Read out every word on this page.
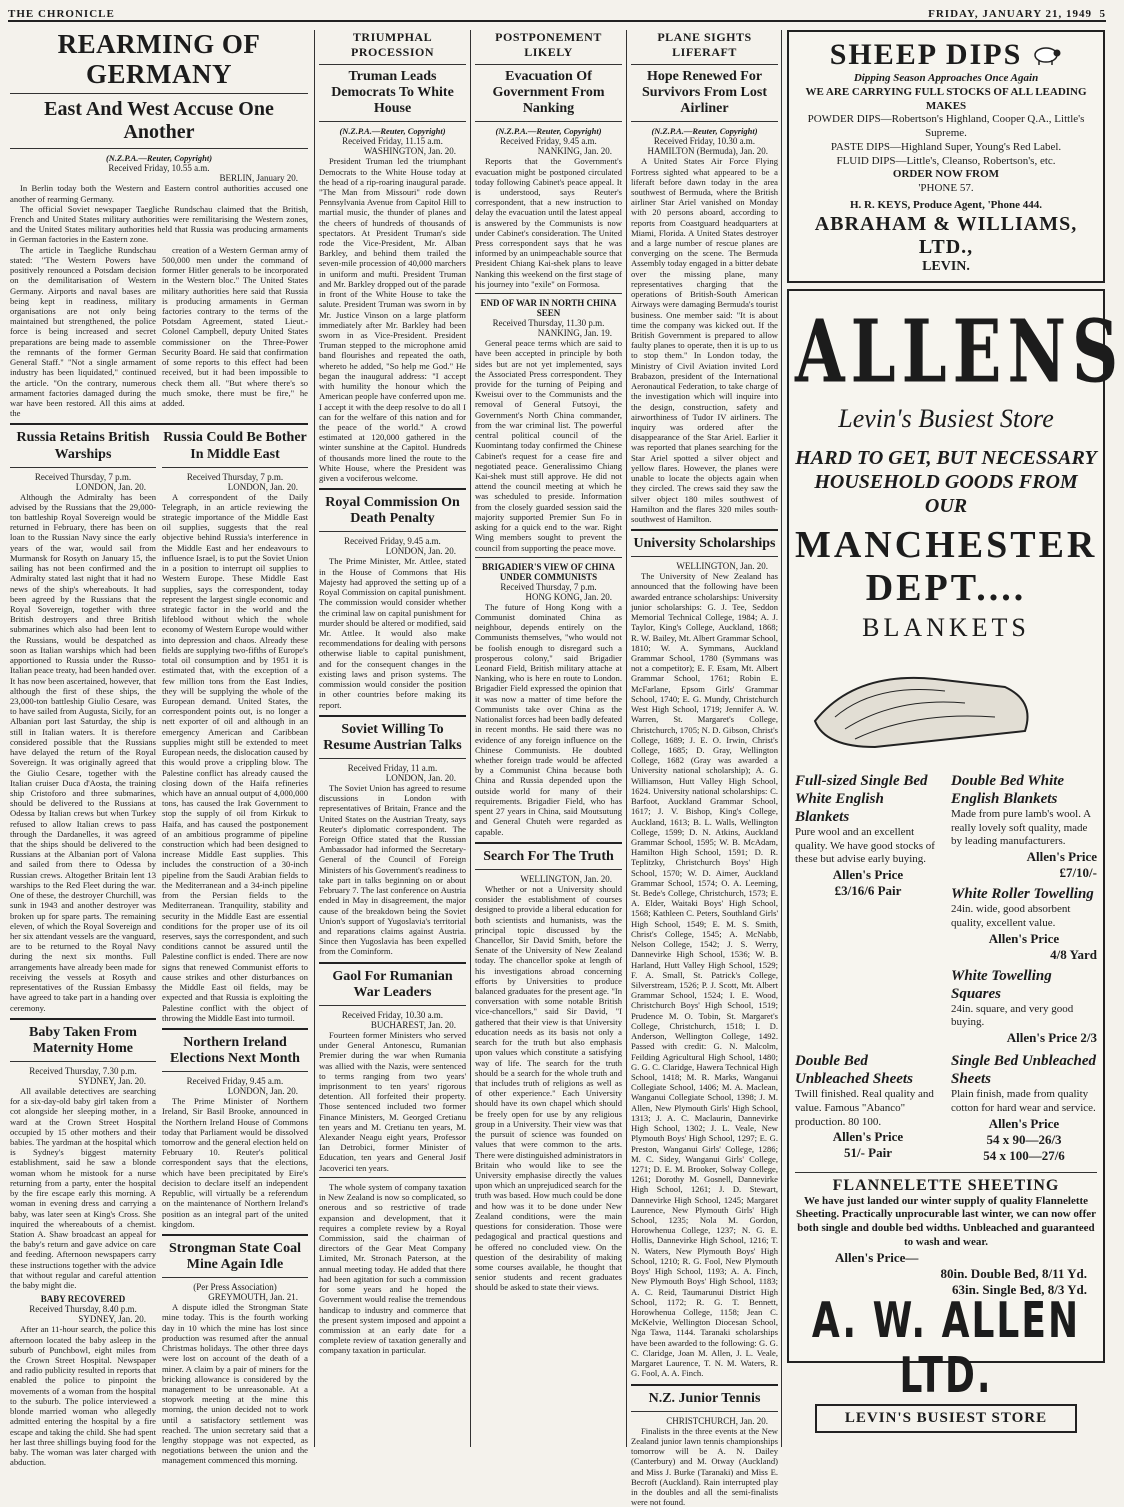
THE CHRONICLE	FRIDAY, JANUARY 21, 1949 5
REARMING OF GERMANY
East And West Accuse One Another
(N.Z.P.A.—Reuter, Copyright)
Received Friday, 10.55 a.m.
BERLIN, January 20.

In Berlin today both the Western and Eastern control authorities accused one another of rearming Germany.

The official Soviet newspaper Taegliche Rundschau claimed that the British, French and United States military authorities were remilitarising the Western zones, and the United States military authorities held that Russia was producing armaments in German factories in the Eastern zone.

The article in Taegliche Rundschau stated: "The Western Powers have positively renounced a Potsdam decision on the demilitarisation of Western Germany. Airports and naval bases are being kept in readiness, military organisations are not only being maintained but strengthened, the police force is being increased and secret preparations are being made to assemble the remnants of the former German General Staff." "Not a single armament industry has been liquidated," continued the article. "On the contrary, numerous armament factories damaged during the war have been restored. All this aims at the

creation of a Western German army of 500,000 men under the command of former Hitler generals to be incorporated in the Western bloc." The United States military authorities here said that Russia is producing armaments in German factories contrary to the terms of the Potsdam Agreement, stated Lieut.-Colonel Campbell, deputy United States commissioner on the Three-Power Security Board. He said that confirmation of some reports to this effect had been received, but it had been impossible to check them all. "But where there's so much smoke, there must be fire," he added.

Russia Retains British Warships
Received Thursday, 7 p.m.
LONDON, Jan. 20.

Although the Admiralty has been advised by the Russians that the 29,000-ton battleship Royal Sovereign would be returned in February, there has been on loan to the Russian Navy since the early years of the war, would sail from Murmansk for Rosyth on January 15, the sailing has not been confirmed and the Admiralty stated last night that it had no news of the ship's whereabouts. It had been agreed by the Russians that the Royal Sovereign, together with three British destroyers and three British submarines which also had been lent to the Russians, would be despatched as soon as Italian warships which had been apportioned to Russia under the Russo-Italian peace treaty, had been handed over. It has now been ascertained, however, that although the first of these ships, the 23,000-ton battleship Giulio Cesare, was to have sailed from Augusta, Sicily, for an Albanian port last Saturday, the ship is still in Italian waters. It is therefore considered possible that the Russians have delayed the return of the Royal Sovereign. It was originally agreed that the Giulio Cesare, together with the Italian cruiser Duca d'Aosta, the training ship Cristoforo and three submarines, should be delivered to the Russians at Odessa by Italian crews but when Turkey refused to allow Italian crews to pass through the Dardanelles, it was agreed that the ships should be delivered to the Russians at the Albanian port of Valona and sailed from there to Odessa by Russian crews. Altogether Britain lent 13 warships to the Red Fleet during the war. One of these, the destroyer Churchill, was sunk in 1943 and another destroyer was broken up for spare parts. The remaining eleven, of which the Royal Sovereign and her six attendant vessels are the vanguard, are to be returned to the Royal Navy during the next six months. Full arrangements have already been made for receiving the vessels at Rosyth and representatives of the Russian Embassy have agreed to take part in a handing over ceremony.

Baby Taken From Maternity Home
Received Thursday, 7.30 p.m.
SYDNEY, Jan. 20.

All available detectives are searching for a six-day-old baby girl taken from a cot alongside her sleeping mother, in a ward at the Crown Street Hospital occupied by 15 other mothers and their babies. The yardman at the hospital which is Sydney's biggest maternity establishment, said he saw a blonde woman whom he mistook for a nurse returning from a party, enter the hospital by the fire escape early this morning. A woman in evening dress and carrying a baby, was later seen at King's Cross. She inquired the whereabouts of a chemist. Station A. Shaw broadcast an appeal for the baby's return and gave advice on care and feeding. Afternoon newspapers carry these instructions together with the advice that without regular and careful attention the baby might die.

BABY RECOVERED
Received Thursday, 8.40 p.m.
SYDNEY, Jan. 20.

After an 11-hour search, the police this afternoon located the baby asleep in the suburb of Punchbowl, eight miles from the Crown Street Hospital. Newspaper and radio publicity resulted in reports that enabled the police to pinpoint the movements of a woman from the hospital to the suburb. The police interviewed a blonde married woman who allegedly admitted entering the hospital by a fire escape and taking the child. She had spent her last three shillings buying food for the baby. The woman was later charged with abduction.

Russia Could Be Bother In Middle East
Received Thursday, 7 p.m.
LONDON, Jan. 20.

A correspondent of the Daily Telegraph, in an article reviewing the strategic importance of the Middle East oil supplies, suggests that the real objective behind Russia's interference in the Middle East and her endeavours to influence Israel, is to put the Soviet Union in a position to interrupt oil supplies to Western Europe. These Middle East supplies, says the correspondent, today represent the largest single economic and strategic factor in the world and the lifeblood without which the whole economy of Western Europe would wither into depression and chaos. Already these fields are supplying two-fifths of Europe's total oil consumption and by 1951 it is estimated that, with the exception of a few million tons from the East Indies, they will be supplying the whole of the European demand. United States, the correspondent points out, is no longer a nett exporter of oil and although in an emergency American and Caribbean supplies might still be extended to meet European needs, the dislocation caused by this would prove a crippling blow. The Palestine conflict has already caused the closing down of the Haifa refineries which have an annual output of 4,000,000 tons, has caused the Irak Government to stop the supply of oil from Kirkuk to Haifa, and has caused the postponement of an ambitious programme of pipeline construction which had been designed to increase Middle East supplies. This includes the construction of a 30-inch pipeline from the Saudi Arabian fields to the Mediterranean and a 34-inch pipeline from the Persian fields to the Mediterranean. Tranquility, stability and security in the Middle East are essential conditions for the proper use of its oil reserves, says the correspondent, and such conditions cannot be assured until the Palestine conflict is ended. There are now signs that renewed Communist efforts to cause strikes and other disturbances on the Middle East oil fields, may be expected and that Russia is exploiting the Palestine conflict with the object of throwing the Middle East into turmoil.

Northern Ireland Elections Next Month
Received Friday, 9.45 a.m.
LONDON, Jan. 20.

The Prime Minister of Northern Ireland, Sir Basil Brooke, announced in the Northern Ireland House of Commons today that Parliament would be dissolved tomorrow and the general election held on February 10. Reuter's political correspondent says that the elections, which have been precipitated by Eire's decision to declare itself an independent Republic, will virtually be a referendum on the maintenance of Northern Ireland's position as an integral part of the united kingdom.

Strongman State Coal Mine Again Idle
(Per Press Association)
GREYMOUTH, Jan. 21.

A dispute idled the Strongman State mine today. This is the fourth working day in 10 which the mine has lost since production was resumed after the annual Christmas holidays. The other three days were lost on account of the death of a miner. A claim by a pair of miners for the bricking allowance is considered by the management to be unreasonable. At a stopwork meeting at the mine this morning, the union decided not to work until a satisfactory settlement was reached. The union secretary said that a lengthy stoppage was not expected, as negotiations between the union and the management commenced this morning.

TRIUMPHAL PROCESSION
Truman Leads Democrats To White House
(N.Z.P.A.—Reuter, Copyright)
Received Friday, 11.15 a.m.
WASHINGTON, Jan. 20.

President Truman led the triumphant Democrats to the White House today at the head of a rip-roaring inaugural parade. "The Man from Missouri" rode down Pennsylvania Avenue from Capitol Hill to martial music, the thunder of planes and the cheers of hundreds of thousands of spectators. At President Truman's side rode the Vice-President, Mr. Alban Barkley, and behind them trailed the seven-mile procession of 40,000 marchers in uniform and mufti. President Truman and Mr. Barkley dropped out of the parade in front of the White House to take the salute. President Truman was sworn in by Mr. Justice Vinson on a large platform immediately after Mr. Barkley had been sworn in as Vice-President. President Truman stepped to the microphone amid band flourishes and repeated the oath, whereto he added, "So help me God." He began the inaugural address: "I accept with humility the honour which the American people have conferred upon me. I accept it with the deep resolve to do all I can for the welfare of this nation and for the peace of the world." A crowd estimated at 120,000 gathered in the winter sunshine at the Capitol. Hundreds of thousands more lined the route to the White House, where the President was given a vociferous welcome.

Royal Commission On Death Penalty
Received Friday, 9.45 a.m.
LONDON, Jan. 20.

The Prime Minister, Mr. Attlee, stated in the House of Commons that His Majesty had approved the setting up of a Royal Commission on capital punishment. The commission would consider whether the criminal law on capital punishment for murder should be altered or modified, said Mr. Attlee. It would also make recommendations for dealing with persons otherwise liable to capital punishment, and for the consequent changes in the existing laws and prison systems. The commission would consider the position in other countries before making its report.

Soviet Willing To Resume Austrian Talks
Received Friday, 11 a.m.
LONDON, Jan. 20.

The Soviet Union has agreed to resume discussions in London with representatives of Britain, France and the United States on the Austrian Treaty, says Reuter's diplomatic correspondent. The Foreign Office stated that the Russian Ambassador had informed the Secretary-General of the Council of Foreign Ministers of his Government's readiness to take part in talks beginning on or about February 7. The last conference on Austria ended in May in disagreement, the major cause of the breakdown being the Soviet Union's support of Yugoslavia's territorial and reparations claims against Austria. Since then Yugoslavia has been expelled from the Cominform.

Gaol For Rumanian War Leaders
Received Friday, 10.30 a.m.
BUCHAREST, Jan. 20.

Fourteen former Ministers who served under General Antonescu, Rumanian Premier during the war when Rumania was allied with the Nazis, were sentenced to terms ranging from two years' imprisonment to ten years' rigorous detention. All forfeited their property. Those sentenced included two former Finance Ministers, M. Georged Cretianu ten years and M. Cretianu ten years, M. Alexander Neagu eight years, Professor Ian Detrobici, former Minister of Education, ten years and General Josif Jacoverici ten years.

The whole system of company taxation in New Zealand is now so complicated, so onerous and so restrictive of trade expansion and development, that it requires a complete review by a Royal Commission, said the chairman of directors of the Gear Meat Company Limited, Mr. Stronach Paterson, at the annual meeting today. He added that there had been agitation for such a commission for some years and he hoped the Government would realise the tremendous handicap to industry and commerce that the present system imposed and appoint a commission at an early date for a complete review of taxation generally and company taxation in particular.

POSTPONEMENT LIKELY
Evacuation Of Government From Nanking
(N.Z.P.A.—Reuter, Copyright)
Received Friday, 9.45 a.m.
NANKING, Jan. 20.

Reports that the Government's evacuation might be postponed circulated today following Cabinet's peace appeal. It is understood, says Reuter's correspondent, that a new instruction to delay the evacuation until the latest appeal is answered by the Communists is now under Cabinet's consideration. The United Press correspondent says that he was informed by an unimpeachable source that President Chiang Kai-shek plans to leave Nanking this weekend on the first stage of his journey into "exile" on Formosa.

END OF WAR IN NORTH CHINA SEEN
Received Thursday, 11.30 p.m.
NANKING, Jan. 19.

General peace terms which are said to have been accepted in principle by both sides but are not yet implemented, says the Associated Press correspondent. They provide for the turning of Peiping and Kweisui over to the Communists and the removal of General Futsoyi, the Government's North China commander, from the war criminal list. The powerful central political council of the Kuomintang today confirmed the Chinese Cabinet's request for a cease fire and negotiated peace. Generalissimo Chiang Kai-shek must still approve. He did not attend the council meeting at which he was scheduled to preside. Information from the closely guarded session said the majority supported Premier Sun Fo in asking for a quick end to the war. Right Wing members sought to prevent the council from supporting the peace move.

BRIGADIER'S VIEW OF CHINA UNDER COMMUNISTS
Received Thursday, 7 p.m.
HONG KONG, Jan. 20.

The future of Hong Kong with a Communist dominated China as neighbour, depends entirely on the Communists themselves, "who would not be foolish enough to disregard such a prosperous colony," said Brigadier Leonard Field, British military attache at Nanking, who is here en route to London. Brigadier Field expressed the opinion that it was now a matter of time before the Communists take over China as the Nationalist forces had been badly defeated in recent months. He said there was no evidence of any foreign influence on the Chinese Communists. He doubted whether foreign trade would be affected by a Communist China because both China and Russia depended upon the outside world for many of their requirements. Brigadier Field, who has spent 27 years in China, said Moutsutung and General Chuteh were regarded as capable.

Search For The Truth
WELLINGTON, Jan. 20.

Whether or not a University should consider the establishment of courses designed to provide a liberal education for both scientists and humanists, was the principal topic discussed by the Chancellor, Sir David Smith, before the Senate of the University of New Zealand today. The chancellor spoke at length of his investigations abroad concerning efforts by Universities to produce balanced graduates for the present age. "In conversation with some notable British vice-chancellors," said Sir David, "I gathered that their view is that University education needs as its basis not only a search for the truth but also emphasis upon values which constitute a satisfying way of life. The search for the truth should be a search for the whole truth and that includes truth of religions as well as of other experience." Each University should have its own chapel which should be freely open for use by any religious group in a University. Their view was that the pursuit of science was founded on values that were common to the arts. There were distinguished administrators in Britain who would like to see the University emphasise directly the values upon which an unprejudiced search for the truth was based. How much could be done and how was it to be done under New Zealand conditions, were the main questions for consideration. Those were pedagogical and practical questions and he offered no concluded view. On the question of the desirability of making some courses available, he thought that senior students and recent graduates should be asked to state their views.

PLANE SIGHTS LIFERAFT
Hope Renewed For Survivors From Lost Airliner
(N.Z.P.A.—Reuter, Copyright)
Received Friday, 10.30 a.m.
HAMILTON (Bermuda), Jan. 20.

A United States Air Force Flying Fortress sighted what appeared to be a liferaft before dawn today in the area southwest of Bermuda, where the British airliner Star Ariel vanished on Monday with 20 persons aboard, according to reports from Coastguard headquarters at Miami, Florida. A United States destroyer and a large number of rescue planes are converging on the scene. The Bermuda Assembly today engaged in a bitter debate over the missing plane, many representatives charging that the operations of British-South American Airways were damaging Bermuda's tourist business. One member said: "It is about time the company was kicked out. If the British Government is prepared to allow faulty planes to operate, then it is up to us to stop them." In London today, the Ministry of Civil Aviation invited Lord Brabazon, president of the International Aeronautical Federation, to take charge of the investigation which will inquire into the design, construction, safety and airworthiness of Tudor IV airliners. The inquiry was ordered after the disappearance of the Star Ariel. Earlier it was reported that planes searching for the Star Ariel spotted a silver object and yellow flares. However, the planes were unable to locate the objects again when they circled. The crews said they saw the silver object 180 miles southwest of Hamilton and the flares 320 miles south-southwest of Hamilton.

University Scholarships
WELLINGTON, Jan. 20.

The University of New Zealand has announced that the following have been awarded entrance scholarships: University junior scholarships: G. J. Tee, Seddon Memorial Technical College, 1984; A. J. Taylor, King's College, Auckland, 1868; R. W. Bailey, Mt. Albert Grammar School, 1810; W. A. Symmans, Auckland Grammar School, 1780 (Symmans was not a competitor); E. F. Esam, Mt. Albert Grammar School, 1761; Robin E. McFarlane, Epsom Girls' Grammar School, 1740; E. G. Mundy, Christchurch West High School, 1719; Jennifer A. W. Warren, St. Margaret's College, Christchurch, 1705; N. D. Gibson, Christ's College, 1689; J. E. O. Irwin, Christ's College, 1685; D. Gray, Wellington College, 1682 (Gray was awarded a University national scholarship); A. G. Williamson, Hutt Valley High School, 1624. University national scholarships: C. Barfoot, Auckland Grammar School, 1617; J. V. Bishop, King's College, Auckland, 1613; B. L. Walls, Wellington College, 1599; D. N. Atkins, Auckland Grammar School, 1595; W. B. McAdam, Hamilton High School, 1591; D. R. Teplitzky, Christchurch Boys' High School, 1570; W. D. Aimer, Auckland Grammar School, 1574; O. A. Leeming, St. Bede's College, Christchurch, 1573; E. A. Elder, Waitaki Boys' High School, 1568; Kathleen C. Peters, Southland Girls' High School, 1549; E. M. S. Smith, Christ's College, 1545; A. McNabb, Nelson College, 1542; J. S. Werry, Dannevirke High School, 1536; W. B. Harland, Hutt Valley High School, 1529; F. A. Small, St. Patrick's College, Silverstream, 1526; P. J. Scott, Mt. Albert Grammar School, 1524; I. E. Wood, Christchurch Boys' High School, 1519; Prudence M. O. Tobin, St. Margaret's College, Christchurch, 1518; I. D. Anderson, Wellington College, 1492. Passed with credit: G. N. Malcolm, Feilding Agricultural High School, 1480; G. G. C. Claridge, Hawera Technical High School, 1418; M. R. Marks, Wanganui Collegiate School, 1406; M. A. Maclean, Wanganui Collegiate School, 1398; J. M. Allen, New Plymouth Girls' High School, 1313; J. A. C. Maclaurin, Dannevirke High School, 1302; J. L. Veale, New Plymouth Boys' High School, 1297; E. G. Preston, Wanganui Girls' College, 1286; M. C. Sidey, Wanganui Girls' College, 1271; D. E. M. Brooker, Solway College, 1261; Dorothy M. Gosnell, Dannevirke High School, 1261; J. D. Stewart, Dannevirke High School, 1245; Margaret Laurence, New Plymouth Girls' High School, 1235; Nola M. Gordon, Horowhenua College, 1237; N. G. E. Hollis, Dannevirke High School, 1216; T. N. Waters, New Plymouth Boys' High School, 1210; R. G. Fool, New Plymouth Boys' High School, 1193; A. A. Finch, New Plymouth Boys' High School, 1183; A. C. Reid, Taumarunui District High School, 1172; R. G. T. Bennett, Horowhenua College, 1158; Jean C. McKelvie, Wellington Diocesan School, Nga Tawa, 1144. Taranaki scholarships have been awarded to the following: G. G. C. Claridge, Joan M. Allen, J. L. Veale, Margaret Laurence, T. N. M. Waters, R. G. Fool, A. A. Finch.

N.Z. Junior Tennis
CHRISTCHURCH, Jan. 20.

Finalists in the three events at the New Zealand junior lawn tennis championships tomorrow will be A. N. Dailey (Canterbury) and M. Otway (Auckland) and Miss J. Burke (Taranaki) and Miss E. Becroft (Auckland). Rain interrupted play in the doubles and all the semi-finalists were not found.

SHEEP DIPS
Dipping Season Approaches Once Again
WE ARE CARRYING FULL STOCKS OF ALL LEADING MAKES
POWDER DIPS—Robertson's Highland, Cooper Q.A., Little's Supreme.
PASTE DIPS—Highland Super, Young's Red Label.
FLUID DIPS—Little's, Cleanso, Robertson's, etc.
ORDER NOW FROM
'PHONE 57.
H. R. KEYS, Produce Agent, 'Phone 444.
ABRAHAM & WILLIAMS, LTD.,
LEVIN.
ALLENS
Levin's Busiest Store
HARD TO GET, BUT NECESSARY HOUSEHOLD GOODS FROM OUR
MANCHESTER DEPT....
BLANKETS
Full-sized Single Bed White English Blankets
Pure wool and an excellent quality. We have good stocks of these but advise early buying.
Allen's Price
£3/16/6 Pair
Double Bed White English Blankets
Made from pure lamb's wool. A really lovely soft quality, made by leading manufacturers.
Allen's Price
£7/10/-
White Roller Towelling
24in. wide, good absorbent quality, excellent value.
Allen's Price
4/8 Yard
White Towelling Squares
24in. square, and very good buying.
Allen's Price 2/3
Double Bed Unbleached Sheets
Twill finished. Real quality and value. Famous "Abanco" production. 80 100.
Allen's Price
51/- Pair
Single Bed Unbleached Sheets
Plain finish, made from quality cotton for hard wear and service.
Allen's Price
54 x 90—26/3
54 x 100—27/6
FLANNELETTE SHEETING
We have just landed our winter supply of quality Flannelette Sheeting. Practically unprocurable last winter, we can now offer both single and double bed widths. Unbleached and guaranteed to wash and wear.
Allen's Price—
80in. Double Bed, 8/11 Yd.
63in. Single Bed, 8/3 Yd.
A. W. ALLEN LTD.
LEVIN'S BUSIEST STORE
